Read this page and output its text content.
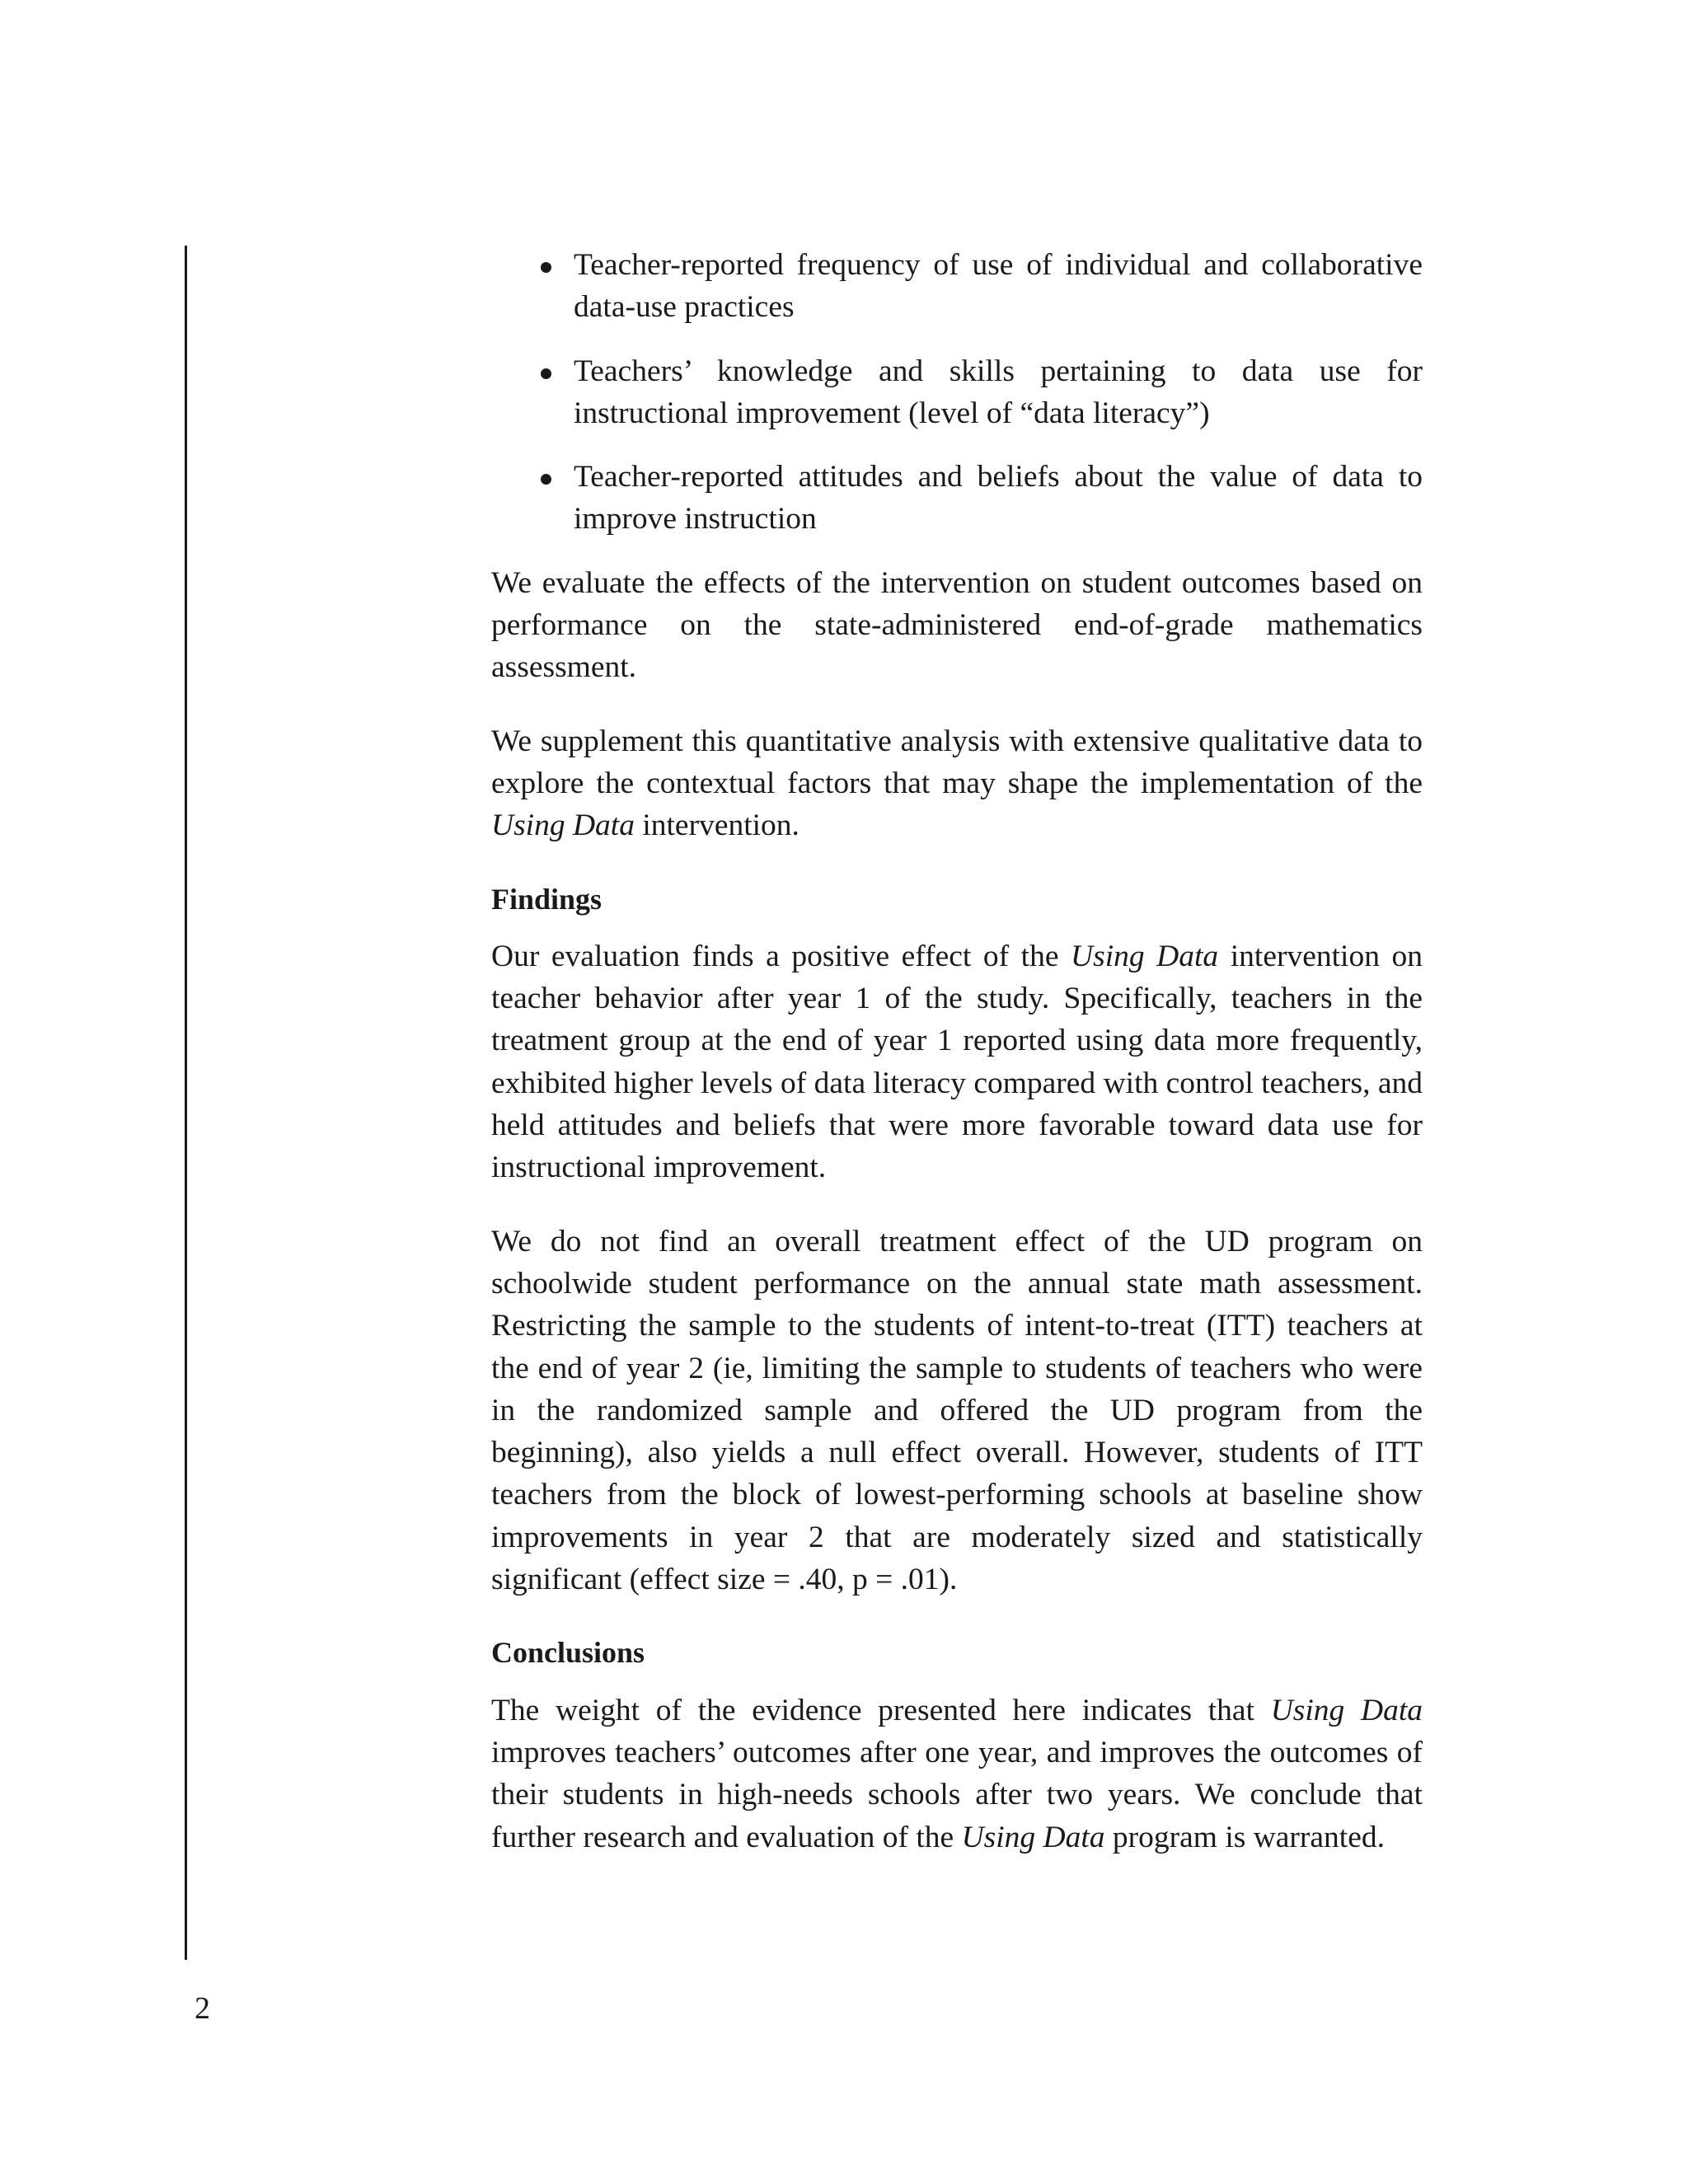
Teacher-reported frequency of use of individual and collaborative data-use practices
Teachers’ knowledge and skills pertaining to data use for instructional improvement (level of “data literacy”)
Teacher-reported attitudes and beliefs about the value of data to improve instruction

We evaluate the effects of the intervention on student outcomes based on performance on the state-administered end-of-grade mathematics assessment.

We supplement this quantitative analysis with extensive qualitative data to explore the contextual factors that may shape the implementation of the Using Data intervention.

Findings

Our evaluation finds a positive effect of the Using Data intervention on teacher behavior after year 1 of the study. Specifically, teachers in the treatment group at the end of year 1 reported using data more frequently, exhibited higher levels of data literacy compared with control teachers, and held attitudes and beliefs that were more favorable toward data use for instructional improvement.

We do not find an overall treatment effect of the UD program on schoolwide student performance on the annual state math assessment. Restricting the sample to the students of intent-to-treat (ITT) teachers at the end of year 2 (ie, limiting the sample to students of teachers who were in the randomized sample and offered the UD program from the beginning), also yields a null effect overall. However, students of ITT teachers from the block of lowest-performing schools at baseline show improvements in year 2 that are moderately sized and statistically significant (effect size = .40, p = .01).

Conclusions

The weight of the evidence presented here indicates that Using Data improves teachers’ outcomes after one year, and improves the outcomes of their students in high-needs schools after two years. We conclude that further research and evaluation of the Using Data program is warranted.

2
